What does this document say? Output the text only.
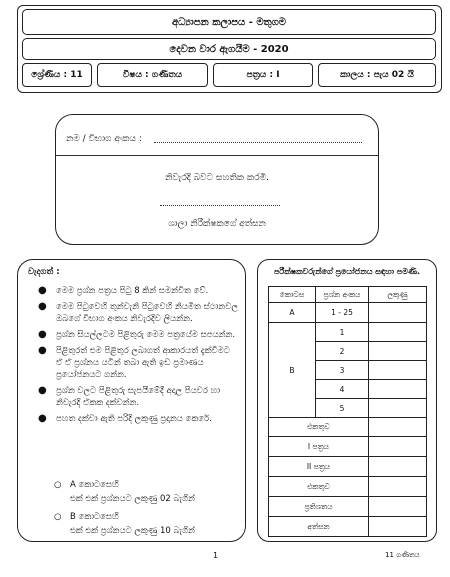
අධ්‍යාපන කලාපය - මතුගම
දෙවන වාර ඇගයීම - 2020
ශ්‍රේණිය : 11	විෂය : ගණිතය	පත්‍රය : I	කාලය : පැය 02 යි
නම / විභාග අංකය :
නිවැරදි බවට සහතික කරමි.
ශාලා නිරීක්ෂකගේ අත්සන
වැදගත් :
● මෙම ප්‍රශ්න පත්‍රය පිටු 8 කින් සමන්විත වේ.
● මෙම පිටුවෙහි තුන්වැනි පිටුවෙහි නියමිත ස්ථානවල ඔබගේ විභාග අංකය නිවැරදිව ලියන්න.
● ප්‍රශ්න සියල්ලටම පිළිතුරු මෙම පත්‍රයේම සපයන්න.
● පිළිතුරත් එම පිළිතුර ලබාගත් ආකාරයත් දැක්වීමට ඒ ඒ ප්‍රශ්නය යටින් තබා ඇති ඉඩ ප්‍රමාණය ප්‍රයෝජනයට ගන්න.
● ප්‍රශ්න වලට පිළිතුරු සැපයීමේදී අදාල පියවර හා නිවැරදි ඒකක දක්වන්න.
● පහත දක්වා ඇති පරිදි ලකුණු ප්‍රදානය කෙරේ.
○ A කොටසෙහි
එක් එක් ප්‍රශ්නයට ලකුණු 02 බැගින්
○ B කොටසෙහි
එක් එක් ප්‍රශ්නයට ලකුණු 10 බැගින්
පරීක්ෂකවරුන්ගේ ප්‍රයෝජනය සඳහා පමණි.
කොටස	ප්‍රශ්න අංකය	ලකුණු
A	1 - 25	
B	1	
	2	
	3	
	4	
	5	
එකතුව		
I පත්‍රය		
II පත්‍රය		
එකතුව		
ප්‍රතිශතය		
අත්සන		
1	11 ගණිතය
